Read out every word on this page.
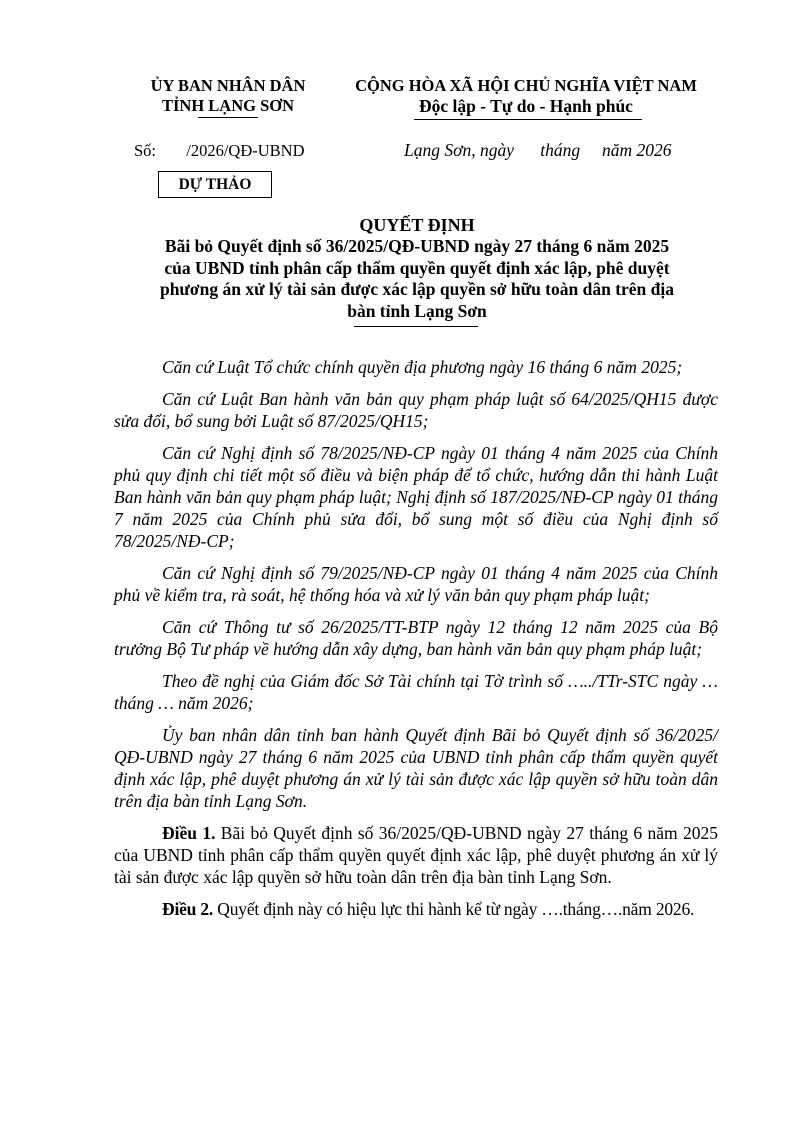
ỦY BAN NHÂN DÂN
TỈNH LẠNG SƠN
CỘNG HÒA XÃ HỘI CHỦ NGHĨA VIỆT NAM
Độc lập - Tự do - Hạnh phúc
Số: /2026/QĐ-UBND	Lạng Sơn, ngày      tháng     năm 2026
DỰ THẢO
QUYẾT ĐỊNH
Bãi bỏ Quyết định số 36/2025/QĐ-UBND ngày 27 tháng 6 năm 2025
của UBND tỉnh phân cấp thẩm quyền quyết định xác lập, phê duyệt
phương án xử lý tài sản được xác lập quyền sở hữu toàn dân trên địa
bàn tỉnh Lạng Sơn

Căn cứ Luật Tổ chức chính quyền địa phương ngày 16 tháng 6 năm 2025;

Căn cứ Luật Ban hành văn bản quy phạm pháp luật số 64/2025/QH15 được sửa đổi, bổ sung bởi Luật số 87/2025/QH15;

Căn cứ Nghị định số 78/2025/NĐ-CP ngày 01 tháng 4 năm 2025 của Chính phủ quy định chi tiết một số điều và biện pháp để tổ chức, hướng dẫn thi hành Luật Ban hành văn bản quy phạm pháp luật; Nghị định số 187/2025/NĐ-CP ngày 01 tháng 7 năm 2025 của Chính phủ sửa đổi, bổ sung một số điều của Nghị định số 78/2025/NĐ-CP;

Căn cứ Nghị định số 79/2025/NĐ-CP ngày 01 tháng 4 năm 2025 của Chính phủ về kiểm tra, rà soát, hệ thống hóa và xử lý văn bản quy phạm pháp luật;

Căn cứ Thông tư số 26/2025/TT-BTP ngày 12 tháng 12 năm 2025 của Bộ trưởng Bộ Tư pháp về hướng dẫn xây dựng, ban hành văn bản quy phạm pháp luật;

Theo đề nghị của Giám đốc Sở Tài chính tại Tờ trình số …../TTr-STC ngày … tháng … năm 2026;

Ủy ban nhân dân tỉnh ban hành Quyết định Bãi bỏ Quyết định số 36/2025/ QĐ-UBND ngày 27 tháng 6 năm 2025 của UBND tỉnh phân cấp thẩm quyền quyết định xác lập, phê duyệt phương án xử lý tài sản được xác lập quyền sở hữu toàn dân trên địa bàn tỉnh Lạng Sơn.

Điều 1. Bãi bỏ Quyết định số 36/2025/QĐ-UBND ngày 27 tháng 6 năm 2025 của UBND tỉnh phân cấp thẩm quyền quyết định xác lập, phê duyệt phương án xử lý tài sản được xác lập quyền sở hữu toàn dân trên địa bàn tỉnh Lạng Sơn.

Điều 2. Quyết định này có hiệu lực thi hành kể từ ngày ….tháng….năm 2026.
